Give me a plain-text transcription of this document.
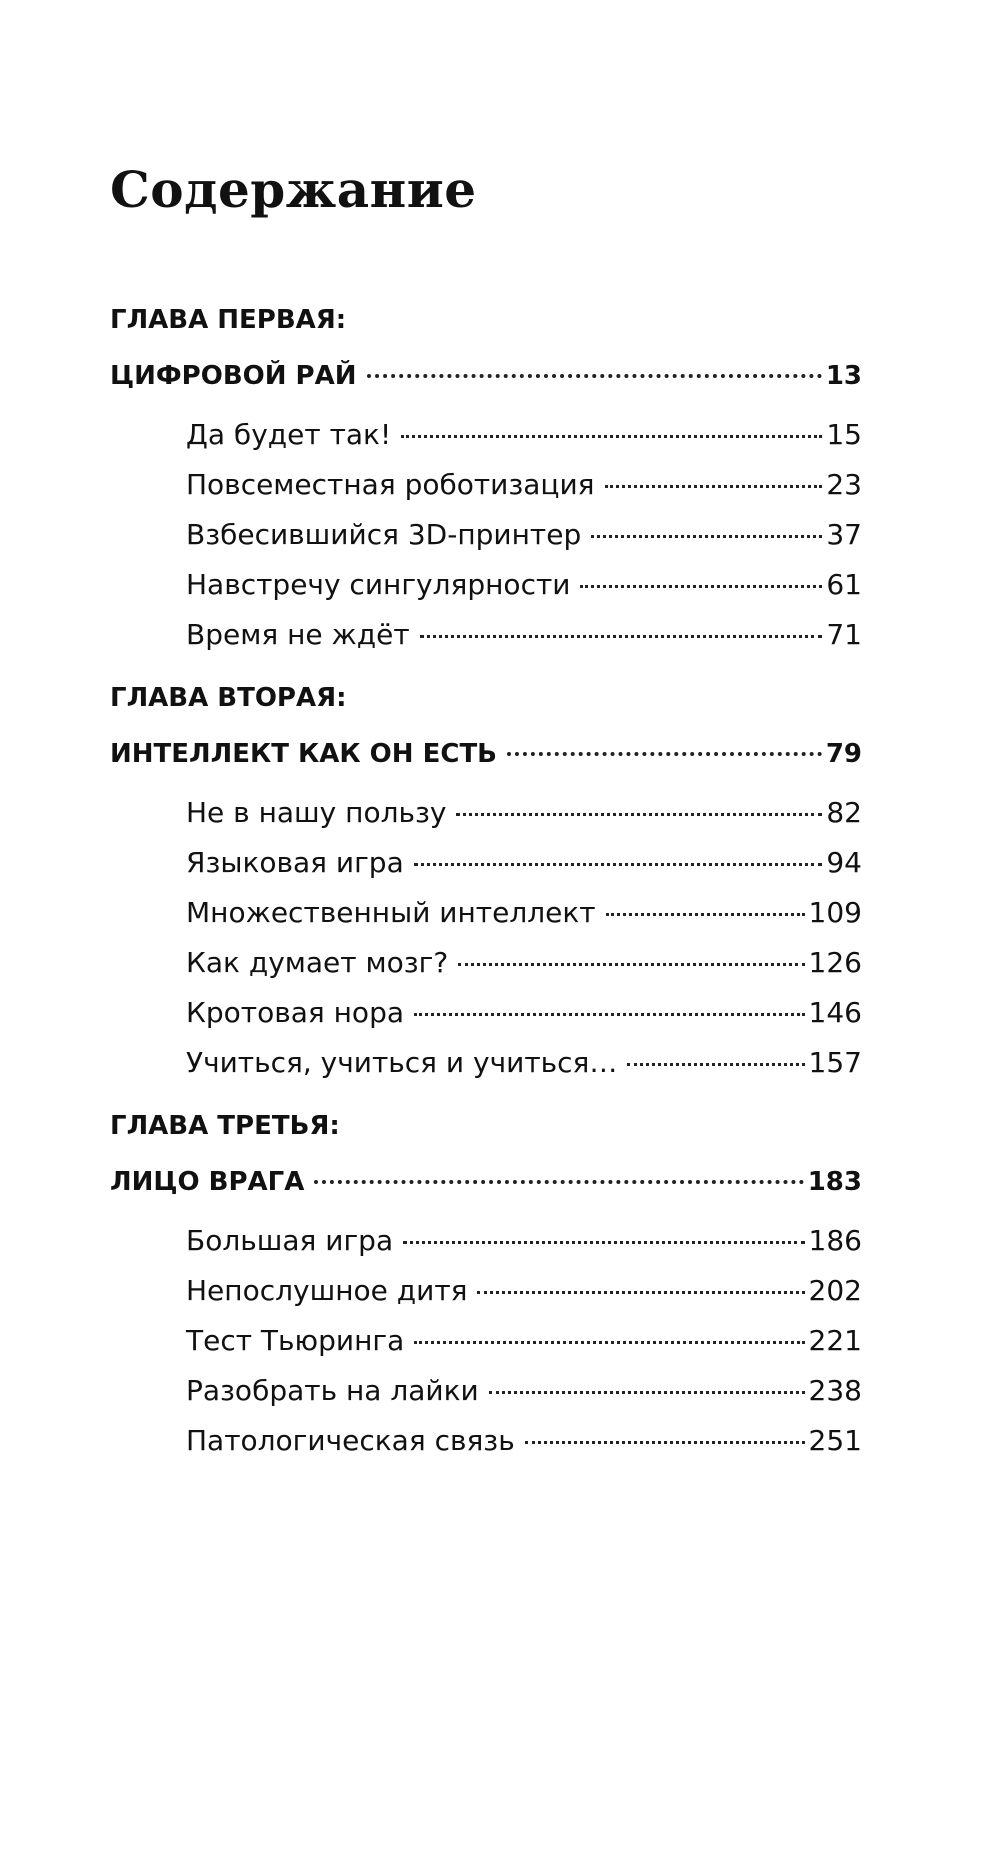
Содержание
ГЛАВА ПЕРВАЯ:
ЦИФРОВОЙ РАЙ	13
Да будет так!	15
Повсеместная роботизация	23
Взбесившийся 3D-принтер	37
Навстречу сингулярности	61
Время не ждёт	71
ГЛАВА ВТОРАЯ:
ИНТЕЛЛЕКТ КАК ОН ЕСТЬ	79
Не в нашу пользу	82
Языковая игра	94
Множественный интеллект	109
Как думает мозг?	126
Кротовая нора	146
Учиться, учиться и учиться…	157
ГЛАВА ТРЕТЬЯ:
ЛИЦО ВРАГА	183
Большая игра	186
Непослушное дитя	202
Тест Тьюринга	221
Разобрать на лайки	238
Патологическая связь	251
